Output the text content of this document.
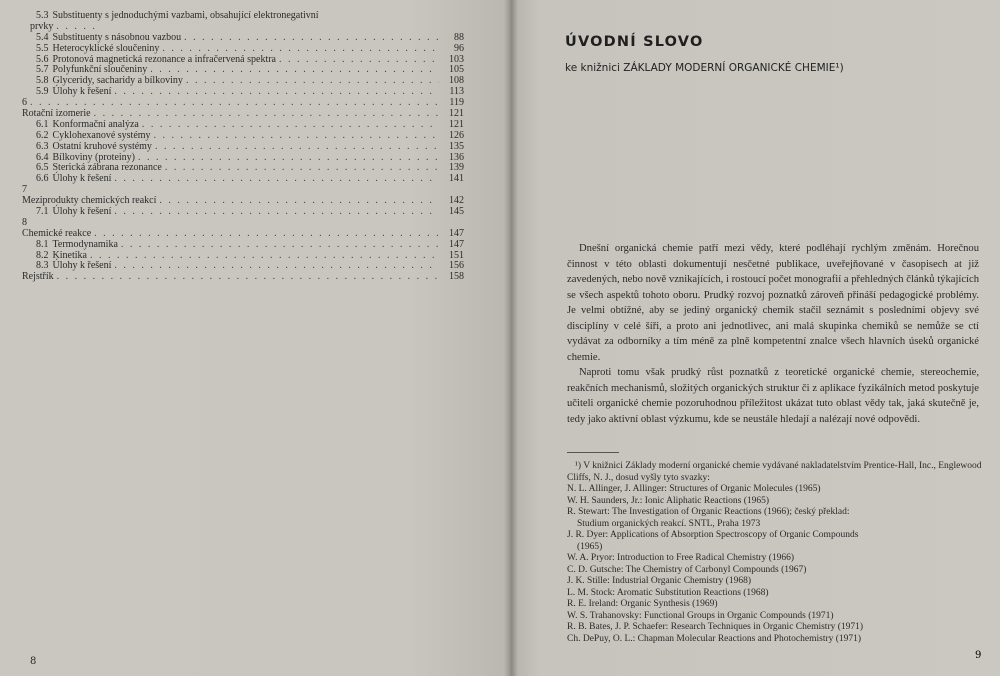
5.3 Substituenty s jednoduchými vazbami, obsahující elektronegativní
prvky
. . .
5.4 Substituenty s násobnou vazbou . . .	88
5.5 Heterocyklické sloučeniny . . .	96
5.6 Protonová magnetická rezonance a infračervená spektra . . .	103
5.7 Polyfunkční sloučeniny . . .	105
5.8 Glyceridy, sacharidy a bílkoviny . . .	108
5.9 Úlohy k řešení . . .	113
6 . . .	119
Rotační izomerie . . .	121
6.1 Konformační analýza . . .	121
6.2 Cyklohexanové systémy . . .	126
6.3 Ostatní kruhové systémy . . .	135
6.4 Bílkoviny (proteiny) . . .	136
6.5 Sterická zábrana rezonance . . .	139
6.6 Úlohy k řešení . . .	141
7
Meziprodukty chemických reakcí . . .	142
7.1 Úlohy k řešení . . .	145
8
Chemické reakce . . .	147
8.1 Termodynamika . . .	147
8.2 Kinetika . . .	151
8.3 Úlohy k řešení . . .	156
Rejstřík . . .	158
8
ÚVODNÍ SLOVO
ke knižnici ZÁKLADY MODERNÍ ORGANICKÉ CHEMIE¹)

Dnešní organická chemie patří mezi vědy, které podléhají rychlým změnám. Horečnou činnost v této oblasti dokumentují nesčetné publikace, uveřejňované v časopisech at již zavedených, nebo nově vznikajících, i rostoucí počet monografií a přehledných článků týkajících se všech aspektů tohoto oboru. Prudký rozvoj poznatků zároveň přináší pedagogické problémy. Je velmi obtížné, aby se jediný organický chemik stačil seznámit s posledními objevy své disciplíny v celé šíři, a proto ani jednotlivec, ani malá skupinka chemiků se nemůže se ctí vydávat za odborníky a tím méně za plně kompetentní znalce všech hlavních úseků organické chemie.

Naproti tomu však prudký růst poznatků z teoretické organické chemie, stereochemie, reakčních mechanismů, složitých organických struktur či z aplikace fyzikálních metod poskytuje učiteli organické chemie pozoruhodnou příležitost ukázat tuto oblast vědy tak, jaká skutečně je, tedy jako aktivní oblast výzkumu, kde se neustále hledají a nalézají nové odpovědi.

¹) V knižnici Základy moderní organické chemie vydávané nakladatelstvím Prentice-Hall, Inc., Englewood Cliffs, N. J., dosud vyšly tyto svazky:
N. L. Allinger, J. Allinger: Structures of Organic Molecules (1965)
W. H. Saunders, Jr.: Ionic Aliphatic Reactions (1965)
R. Stewart: The Investigation of Organic Reactions (1966); český překlad:
Studium organických reakcí. SNTL, Praha 1973
J. R. Dyer: Applications of Absorption Spectroscopy of Organic Compounds
(1965)
W. A. Pryor: Introduction to Free Radical Chemistry (1966)
C. D. Gutsche: The Chemistry of Carbonyl Compounds (1967)
J. K. Stille: Industrial Organic Chemistry (1968)
L. M. Stock: Aromatic Substitution Reactions (1968)
R. E. Ireland: Organic Synthesis (1969)
W. S. Trahanovsky: Functional Groups in Organic Compounds (1971)
R. B. Bates, J. P. Schaefer: Research Techniques in Organic Chemistry (1971)
Ch. DePuy, O. L.: Chapman Molecular Reactions and Photochemistry (1971)
9
